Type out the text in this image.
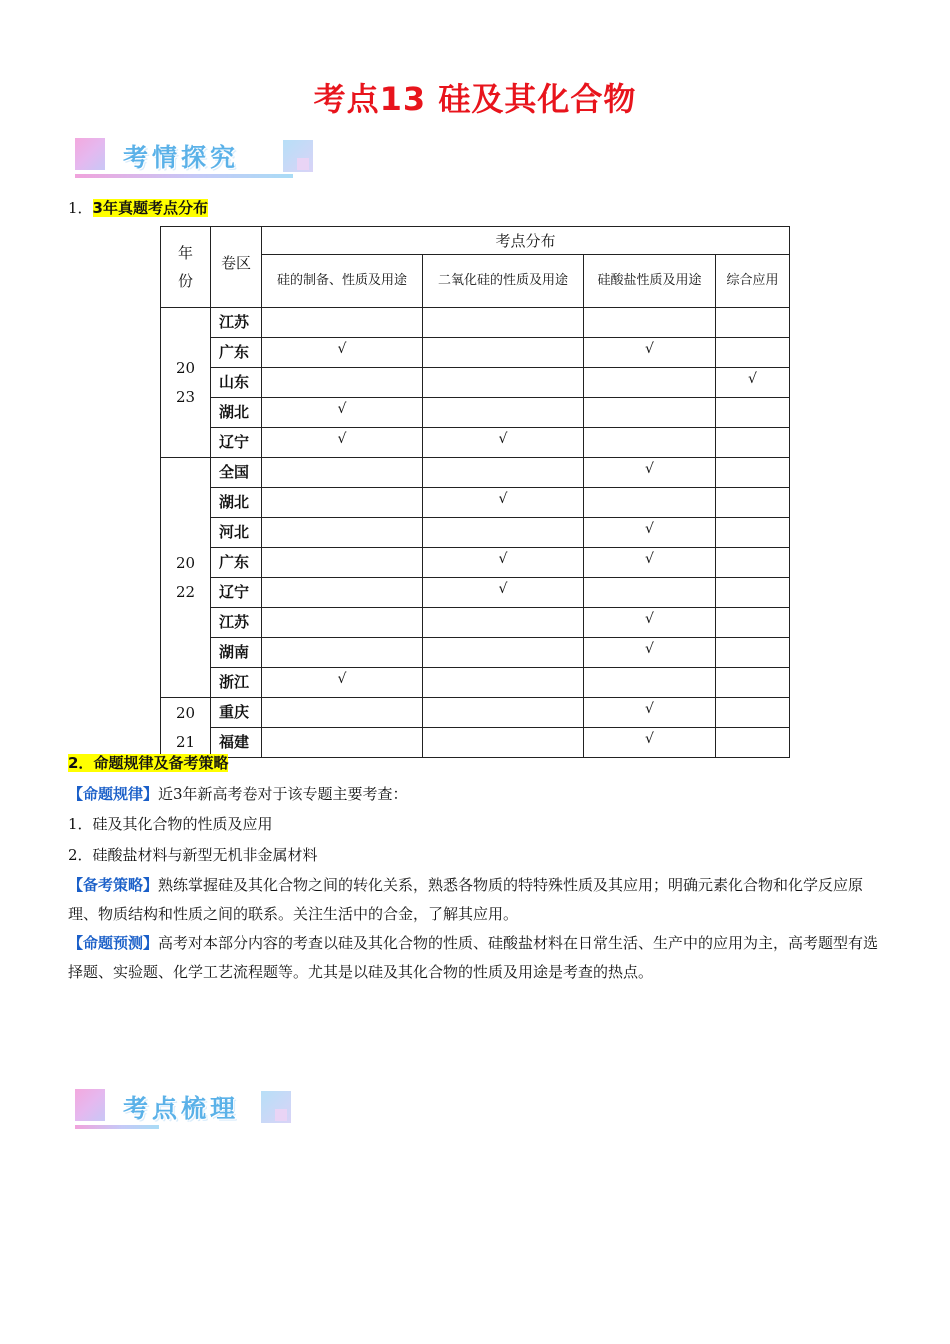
考点13 硅及其化合物
考情探究
1．3年真题考点分布
年份	卷区	考点分布			
		硅的制备、性质及用途	二氧化硅的性质及用途	硅酸盐性质及用途	综合应用
2023	江苏				
	广东	√		√	
	山东				√
	湖北	√			
	辽宁	√	√		
2022	全国			√	
	湖北		√		
	河北			√	
	广东		√	√	
	辽宁		√		
	江苏			√	
	湖南			√	
	浙江	√			
2021	重庆			√	
	福建			√	
2．命题规律及备考策略
【命题规律】近3年新高考卷对于该专题主要考查：
1．硅及其化合物的性质及应用
2．硅酸盐材料与新型无机非金属材料
【备考策略】熟练掌握硅及其化合物之间的转化关系，熟悉各物质的特特殊性质及其应用；明确元素化合物和化学反应原理、物质结构和性质之间的联系。关注生活中的合金，了解其应用。
【命题预测】高考对本部分内容的考查以硅及其化合物的性质、硅酸盐材料在日常生活、生产中的应用为主，高考题型有选择题、实验题、化学工艺流程题等。尤其是以硅及其化合物的性质及用途是考查的热点。
考点梳理
